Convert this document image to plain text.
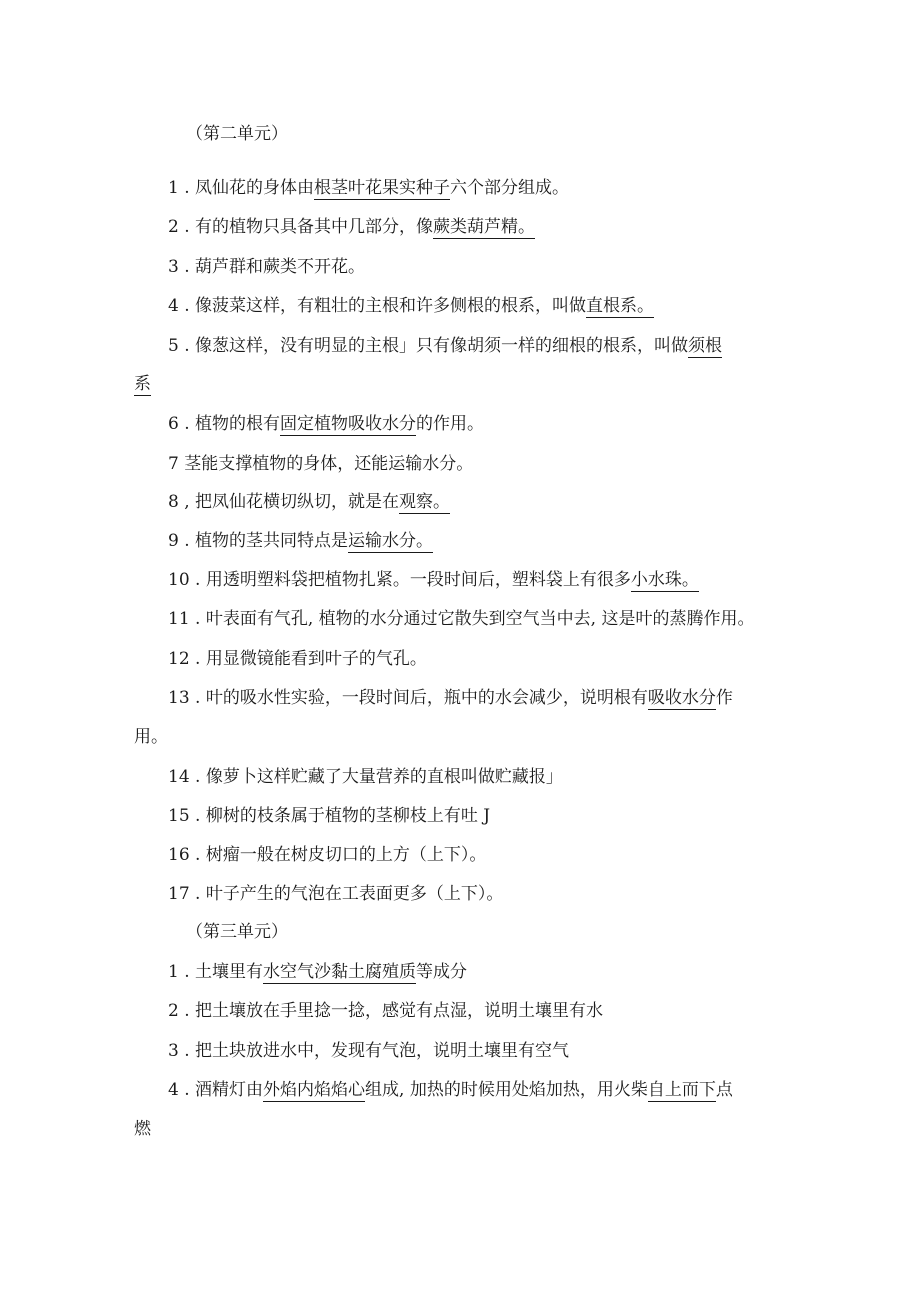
（第二单元）
1 . 凤仙花的身体由根茎叶花果实种子六个部分组成。
2 . 有的植物只具备其中几部分，像蕨类葫芦精。
3 . 葫芦群和蕨类不开花。
4 . 像菠菜这样，有粗壮的主根和许多侧根的根系，叫做直根系。
5 . 像葱这样，没有明显的主根」只有像胡须一样的细根的根系，叫做须根
系
6 . 植物的根有固定植物吸收水分的作用。
7 茎能支撑植物的身体，还能运输水分。
8 , 把凤仙花横切纵切，就是在观察。
9 . 植物的茎共同特点是运输水分。
10 . 用透明塑料袋把植物扎紧。一段时间后，塑料袋上有很多小水珠。
11 . 叶表面有气孔, 植物的水分通过它散失到空气当中去, 这是叶的蒸腾作用。
12 . 用显微镜能看到叶子的气孔。
13 . 叶的吸水性实验，一段时间后，瓶中的水会减少，说明根有吸收水分作
用。
14 . 像萝卜这样贮藏了大量营养的直根叫做贮藏报」
15 . 柳树的枝条属于植物的茎柳枝上有吐 J
16 . 树瘤一般在树皮切口的上方（上下）。
17 . 叶子产生的气泡在工表面更多（上下）。
（第三单元）
1 . 土壤里有水空气沙黏土腐殖质等成分
2 . 把土壤放在手里捻一捻，感觉有点湿，说明土壤里有水
3 . 把土块放进水中，发现有气泡，说明土壤里有空气
4 . 酒精灯由外焰内焰焰心组成, 加热的时候用处焰加热，用火柴自上而下点
燃
